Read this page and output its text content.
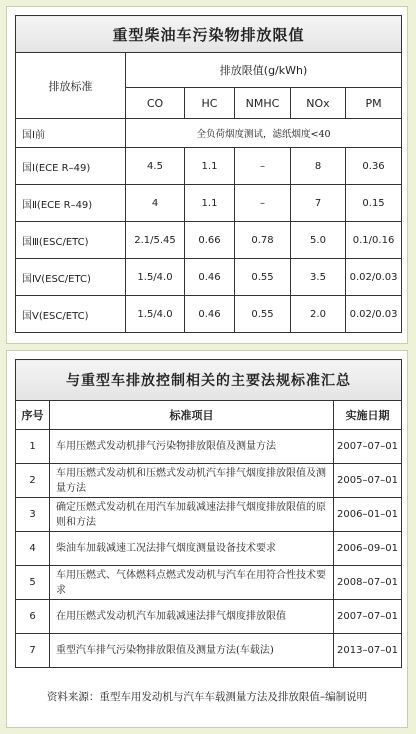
重型柴油车污染物排放限值					
排放标准	排放限值(g/kWh)				
	CO	HC	NMHC	NOx	PM
国Ⅰ前	全负荷烟度测试，滤纸烟度<40				
国Ⅰ(ECE R–49)	4.5	1.1	–	8	0.36
国Ⅱ(ECE R–49)	4	1.1	–	7	0.15
国Ⅲ(ESC/ETC)	2.1/5.45	0.66	0.78	5.0	0.1/0.16
国Ⅳ(ESC/ETC)	1.5/4.0	0.46	0.55	3.5	0.02/0.03
国Ⅴ(ESC/ETC)	1.5/4.0	0.46	0.55	2.0	0.02/0.03
与重型车排放控制相关的主要法规标准汇总		
序号	标准项目	实施日期
1	车用压燃式发动机排气污染物排放限值及测量方法	2007–07–01
2	车用压燃式发动机和压燃式发动机汽车排气烟度排放限值及测量方法	2005–07–01
3	确定压燃式发动机在用汽车加载减速法排气烟度排放限值的原则和方法	2006–01–01
4	柴油车加载减速工况法排气烟度测量设备技术要求	2006–09–01
5	车用压燃式、气体燃料点燃式发动机与汽车在用符合性技术要求	2008–07–01
6	在用压燃式发动机汽车加载减速法排气烟度排放限值	2007–07–01
7	重型汽车排气污染物排放限值及测量方法(车载法)	2013–07–01
资料来源：重型车用发动机与汽车车载测量方法及排放限值–编制说明
